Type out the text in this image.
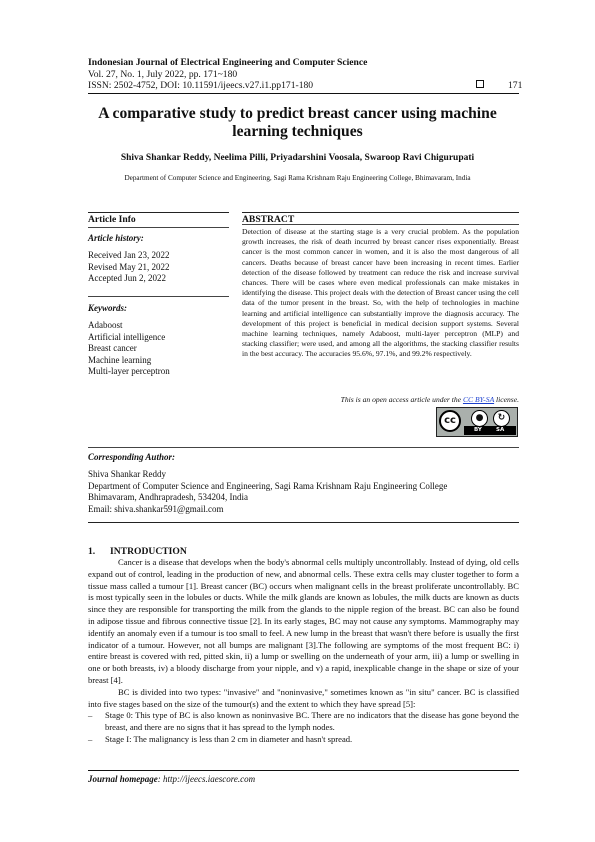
Indonesian Journal of Electrical Engineering and Computer Science
Vol. 27, No. 1, July 2022, pp. 171~180
ISSN: 2502-4752, DOI: 10.11591/ijeecs.v27.i1.pp171-180	171
A comparative study to predict breast cancer using machine learning techniques
Shiva Shankar Reddy, Neelima Pilli, Priyadarshini Voosala, Swaroop Ravi Chigurupati
Department of Computer Science and Engineering, Sagi Rama Krishnam Raju Engineering College, Bhimavaram, India
Article Info
Article history:
Received Jan 23, 2022
Revised May 21, 2022
Accepted Jun 2, 2022
Keywords:
Adaboost
Artificial intelligence
Breast cancer
Machine learning
Multi-layer perceptron
ABSTRACT
Detection of disease at the starting stage is a very crucial problem. As the population growth increases, the risk of death incurred by breast cancer rises exponentially. Breast cancer is the most common cancer in women, and it is also the most dangerous of all cancers. Deaths because of breast cancer have been increasing in recent times. Earlier detection of the disease followed by treatment can reduce the risk and increase survival chances. There will be cases where even medical professionals can make mistakes in identifying the disease. This project deals with the detection of Breast cancer using the cell data of the tumor present in the breast. So, with the help of technologies in machine learning and artificial intelligence can substantially improve the diagnosis accuracy. The development of this project is beneficial in medical decision support systems. Several machine learning techniques, namely Adaboost, multi-layer perceptron (MLP) and stacking classifier; were used, and among all the algorithms, the stacking classifier results in the best accuracy. The accuracies 95.6%, 97.1%, and 99.2% respectively.
This is an open access article under the CC BY-SA license.
cc	●	↻
BY	SA
Corresponding Author:
Shiva Shankar Reddy
Department of Computer Science and Engineering, Sagi Rama Krishnam Raju Engineering College
Bhimavaram, Andhrapradesh, 534204, India
Email: shiva.shankar591@gmail.com
1. INTRODUCTION
Cancer is a disease that develops when the body's abnormal cells multiply uncontrollably. Instead of dying, old cells expand out of control, leading in the production of new, and abnormal cells. These extra cells may cluster together to form a tissue mass called a tumour [1]. Breast cancer (BC) occurs when malignant cells in the breast proliferate uncontrollably. BC is most typically seen in the lobules or ducts. While the milk glands are known as lobules, the milk ducts are known as ducts since they are responsible for transporting the milk from the glands to the nipple region of the breast. BC can also be found in adipose tissue and fibrous connective tissue [2]. In its early stages, BC may not cause any symptoms. Mammography may identify an anomaly even if a tumour is too small to feel. A new lump in the breast that wasn't there before is usually the first indicator of a tumour. However, not all bumps are malignant [3].The following are symptoms of the most frequent BC: i) entire breast is covered with red, pitted skin, ii) a lump or swelling on the underneath of your arm, iii) a lump or swelling in one or both breasts, iv) a bloody discharge from your nipple, and v) a rapid, inexplicable change in the shape or size of your breast [4].
BC is divided into two types: "invasive" and "noninvasive," sometimes known as "in situ" cancer. BC is classified into five stages based on the size of the tumour(s) and the extent to which they have spread [5]:
– Stage 0: This type of BC is also known as noninvasive BC. There are no indicators that the disease has gone beyond the breast, and there are no signs that it has spread to the lymph nodes.
– Stage I: The malignancy is less than 2 cm in diameter and hasn't spread.
Journal homepage: http://ijeecs.iaescore.com
